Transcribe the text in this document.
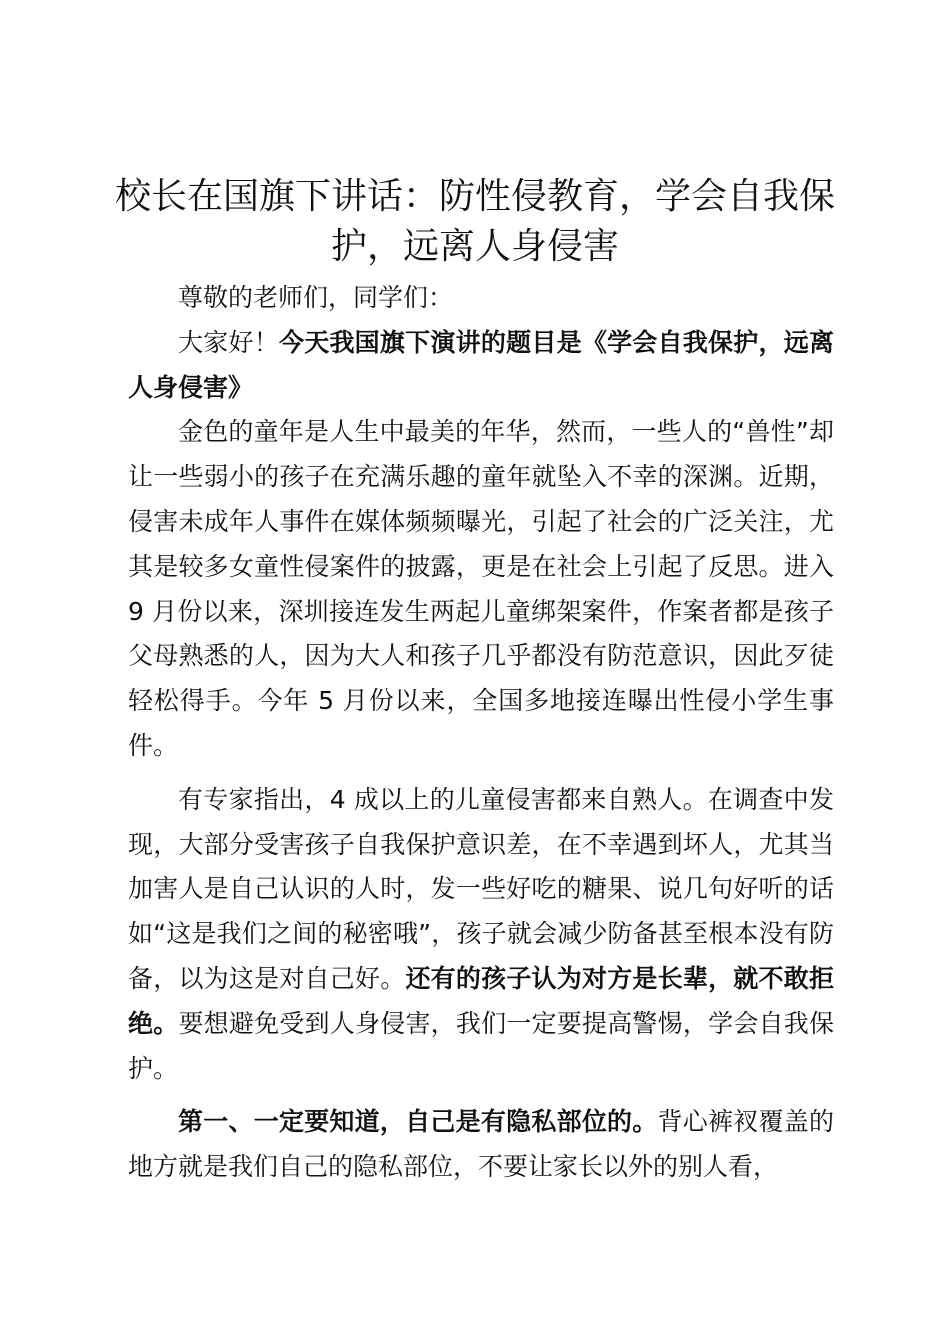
校长在国旗下讲话：防性侵教育，学会自我保护，远离人身侵害

尊敬的老师们，同学们：

大家好！今天我国旗下演讲的题目是《学会自我保护，远离人身侵害》

金色的童年是人生中最美的年华，然而，一些人的“兽性”却让一些弱小的孩子在充满乐趣的童年就坠入不幸的深渊。近期，侵害未成年人事件在媒体频频曝光，引起了社会的广泛关注，尤其是较多女童性侵案件的披露，更是在社会上引起了反思。进入 9 月份以来，深圳接连发生两起儿童绑架案件，作案者都是孩子父母熟悉的人，因为大人和孩子几乎都没有防范意识，因此歹徒轻松得手。今年 5 月份以来，全国多地接连曝出性侵小学生事件。

有专家指出，4 成以上的儿童侵害都来自熟人。在调查中发现，大部分受害孩子自我保护意识差，在不幸遇到坏人，尤其当加害人是自己认识的人时，发一些好吃的糖果、说几句好听的话如“这是我们之间的秘密哦”，孩子就会减少防备甚至根本没有防备，以为这是对自己好。还有的孩子认为对方是长辈，就不敢拒绝。要想避免受到人身侵害，我们一定要提高警惕，学会自我保护。

第一、一定要知道，自己是有隐私部位的。背心裤衩覆盖的地方就是我们自己的隐私部位，不要让家长以外的别人看，
